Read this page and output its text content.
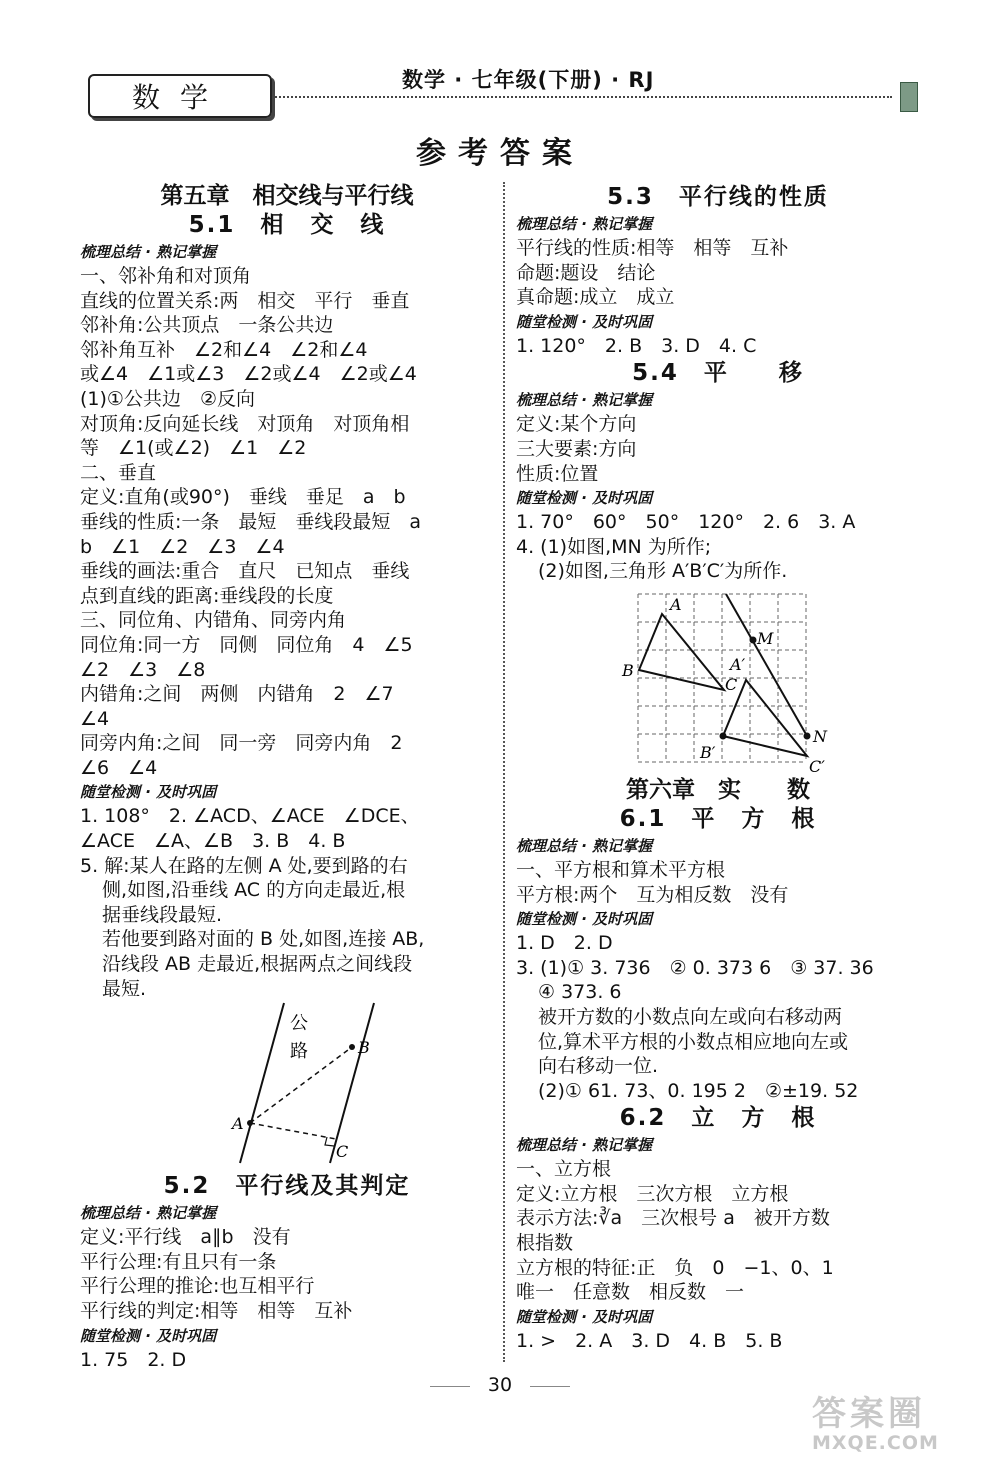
数学
数学 · 七年级(下册) · RJ
参考答案
第五章　相交线与平行线
5.1　相　交　线
梳理总结 · 熟记掌握
一、邻补角和对顶角
直线的位置关系:两　相交　平行　垂直
邻补角:公共顶点　一条公共边
邻补角互补　∠2和∠4　∠2和∠4
或∠4　∠1或∠3　∠2或∠4　∠2或∠4
(1)①公共边　②反向
对顶角:反向延长线　对顶角　对顶角相
等　∠1(或∠2)　∠1　∠2
二、垂直
定义:直角(或90°)　垂线　垂足　a　b
垂线的性质:一条　最短　垂线段最短　a
b　∠1　∠2　∠3　∠4
垂线的画法:重合　直尺　已知点　垂线
点到直线的距离:垂线段的长度
三、同位角、内错角、同旁内角
同位角:同一方　同侧　同位角　4　∠5
∠2　∠3　∠8
内错角:之间　两侧　内错角　2　∠7
∠4
同旁内角:之间　同一旁　同旁内角　2
∠6　∠4
随堂检测 · 及时巩固
1. 108°　2. ∠ACD、∠ACE　∠DCE、
∠ACE　∠A、∠B　3. B　4. B
5. 解:某人在路的左侧 A 处,要到路的右
侧,如图,沿垂线 AC 的方向走最近,根
据垂线段最短.
若他要到路对面的 B 处,如图,连接 AB,
沿线段 AB 走最近,根据两点之间线段
最短.
公
路
A
B
C
5.2　平行线及其判定
梳理总结 · 熟记掌握
定义:平行线　a∥b　没有
平行公理:有且只有一条
平行公理的推论:也互相平行
平行线的判定:相等　相等　互补
随堂检测 · 及时巩固
1. 75　2. D
5.3　平行线的性质
梳理总结 · 熟记掌握
平行线的性质:相等　相等　互补
命题:题设　结论
真命题:成立　成立
随堂检测 · 及时巩固
1. 120°　2. B　3. D　4. C
5.4　平　　移
梳理总结 · 熟记掌握
定义:某个方向
三大要素:方向
性质:位置
随堂检测 · 及时巩固
1. 70°　60°　50°　120°　2. 6　3. A
4. (1)如图,MN 为所作;
(2)如图,三角形 A′B′C′为所作.
A
B
C
M
A′
B′
C′
N
第六章　实　　数
6.1　平　方　根
梳理总结 · 熟记掌握
一、平方根和算术平方根
平方根:两个　互为相反数　没有
随堂检测 · 及时巩固
1. D　2. D
3. (1)① 3. 736　② 0. 373 6　③ 37. 36
④ 373. 6
被开方数的小数点向左或向右移动两
位,算术平方根的小数点相应地向左或
向右移动一位.
(2)① 61. 73、0. 195 2　②±19. 52
6.2　立　方　根
梳理总结 · 熟记掌握
一、立方根
定义:立方根　三次方根　立方根
表示方法:∛a　三次根号 a　被开方数
根指数
立方根的特征:正　负　0　−1、0、1
唯一　任意数　相反数　一
随堂检测 · 及时巩固
1. >　2. A　3. D　4. B　5. B
30
答案圈
MXQE.COM
